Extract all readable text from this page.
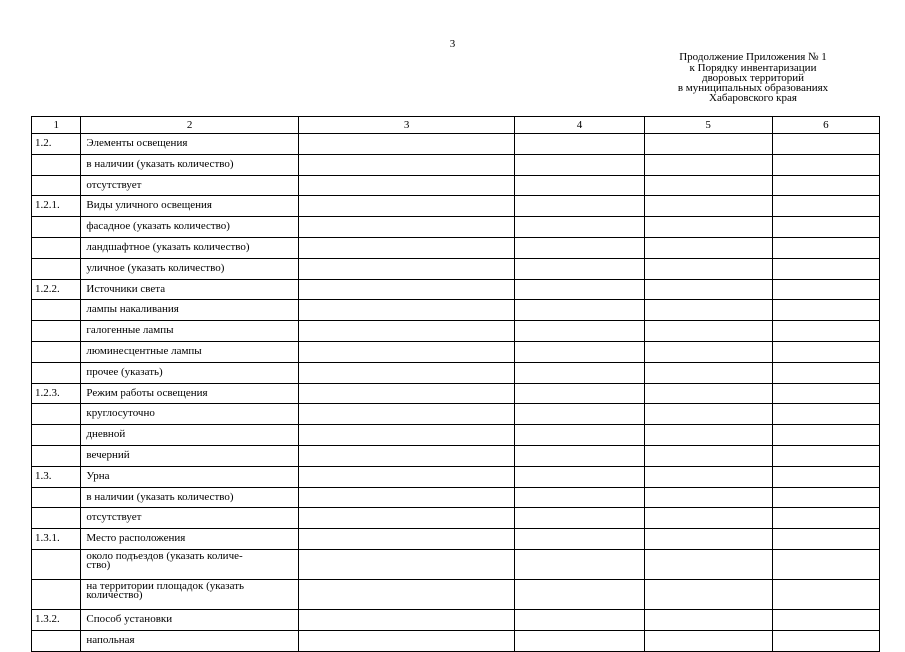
3
Продолжение Приложения № 1
к Порядку инвентаризации
дворовых территорий
в муниципальных образованиях
Хабаровского края
1	2	3	4	5	6
1.2.	Элементы освещения				
	в наличии (указать количество)				
	отсутствует				
1.2.1.	Виды уличного освещения				
	фасадное (указать количество)				
	ландшафтное (указать количество)				
	уличное (указать количество)				
1.2.2.	Источники света				
	лампы накаливания				
	галогенные лампы				
	люминесцентные лампы				
	прочее (указать)				
1.2.3.	Режим работы освещения				
	круглосуточно				
	дневной				
	вечерний				
1.3.	Урна				
	в наличии (указать количество)				
	отсутствует				
1.3.1.	Место расположения				
	около подъездов (указать количе-
ство)				
	на территории площадок (указать
количество)				
1.3.2.	Способ установки				
	напольная				
